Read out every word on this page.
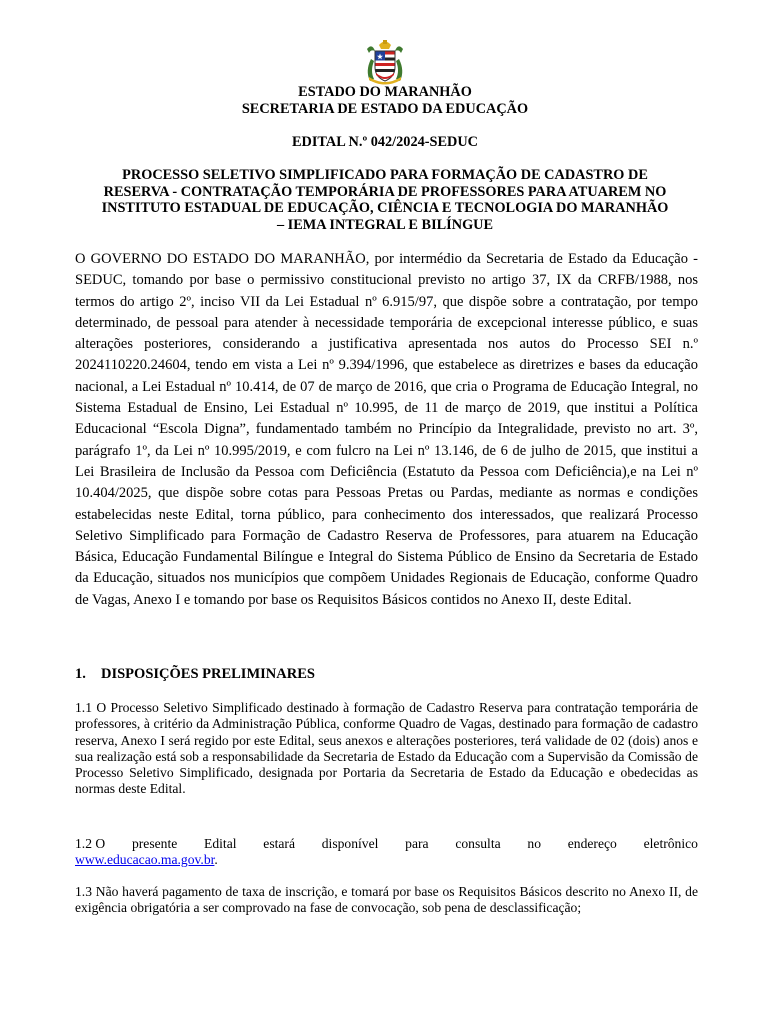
ESTADO DO MARANHÃO
SECRETARIA DE ESTADO DA EDUCAÇÃO
EDITAL N.º 042/2024-SEDUC
PROCESSO SELETIVO SIMPLIFICADO PARA FORMAÇÃO DE CADASTRO DE
RESERVA - CONTRATAÇÃO TEMPORÁRIA DE PROFESSORES PARA ATUAREM NO
INSTITUTO ESTADUAL DE EDUCAÇÃO, CIÊNCIA E TECNOLOGIA DO MARANHÃO
– IEMA INTEGRAL E BILÍNGUE

O GOVERNO DO ESTADO DO MARANHÃO, por intermédio da Secretaria de Estado da Educação - SEDUC, tomando por base o permissivo constitucional previsto no artigo 37, IX da CRFB/1988, nos termos do artigo 2º, inciso VII da Lei Estadual nº 6.915/97, que dispõe sobre a contratação, por tempo determinado, de pessoal para atender à necessidade temporária de excepcional interesse público, e suas alterações posteriores, considerando a justificativa apresentada nos autos do Processo SEI n.º 2024110220.24604, tendo em vista a Lei nº 9.394/1996, que estabelece as diretrizes e bases da educação nacional, a Lei Estadual nº 10.414, de 07 de março de 2016, que cria o Programa de Educação Integral, no Sistema Estadual de Ensino, Lei Estadual nº 10.995, de 11 de março de 2019, que institui a Política Educacional “Escola Digna”, fundamentado também no Princípio da Integralidade, previsto no art. 3º, parágrafo 1º, da Lei nº 10.995/2019, e com fulcro na Lei nº 13.146, de 6 de julho de 2015, que institui a Lei Brasileira de Inclusão da Pessoa com Deficiência (Estatuto da Pessoa com Deficiência),e na Lei nº 10.404/2025, que dispõe sobre cotas para Pessoas Pretas ou Pardas, mediante as normas e condições estabelecidas neste Edital, torna público, para conhecimento dos interessados, que realizará Processo Seletivo Simplificado para Formação de Cadastro Reserva de Professores, para atuarem na Educação Básica, Educação Fundamental Bilíngue e Integral do Sistema Público de Ensino da Secretaria de Estado da Educação, situados nos municípios que compõem Unidades Regionais de Educação, conforme Quadro de Vagas, Anexo I e tomando por base os Requisitos Básicos contidos no Anexo II, deste Edital.

1. DISPOSIÇÕES PRELIMINARES

1.1 O Processo Seletivo Simplificado destinado à formação de Cadastro Reserva para contratação temporária de professores, à critério da Administração Pública, conforme Quadro de Vagas, destinado para formação de cadastro reserva, Anexo I será regido por este Edital, seus anexos e alterações posteriores, terá validade de 02 (dois) anos e sua realização está sob a responsabilidade da Secretaria de Estado da Educação com a Supervisão da Comissão de Processo Seletivo Simplificado, designada por Portaria da Secretaria de Estado da Educação e obedecidas as normas deste Edital.

1.2 O presente Edital estará disponível para consulta no endereço eletrônico
www.educacao.ma.gov.br.

1.3 Não haverá pagamento de taxa de inscrição, e tomará por base os Requisitos Básicos descrito no Anexo II, de exigência obrigatória a ser comprovado na fase de convocação, sob pena de desclassificação;
